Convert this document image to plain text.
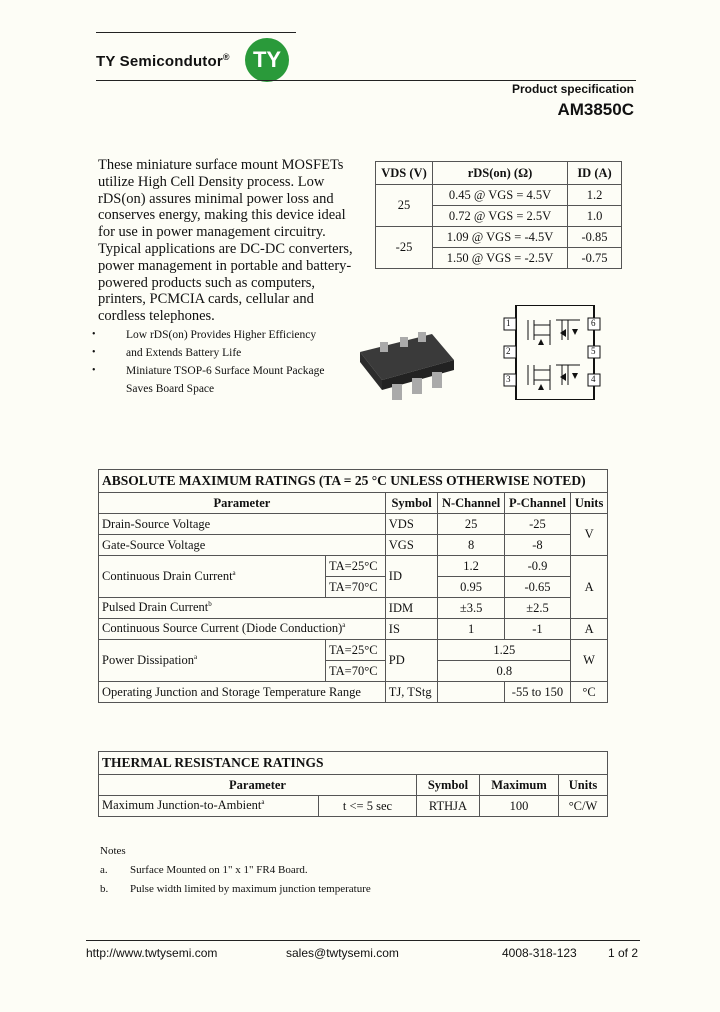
TY Semicondutor®	TY
Product specification
AM3850C
These miniature surface mount MOSFETs utilize High Cell Density process. Low rDS(on) assures minimal power loss and conserves energy, making this device ideal for use in power management circuitry. Typical applications are DC-DC converters, power management in portable and battery-powered products such as computers, printers, PCMCIA cards, cellular and cordless telephones.
• Low rDS(on) Provides Higher Efficiency
• and Extends Battery Life
• Miniature TSOP-6 Surface Mount Package Saves Board Space
VDS (V)	rDS(on) (Ω)	ID (A)
25	0.45 @ VGS = 4.5V	1.2
	0.72 @ VGS = 2.5V	1.0
-25	1.09 @ VGS = -4.5V	-0.85
	1.50 @ VGS = -2.5V	-0.75
1
2
3	4
5
6
ABSOLUTE MAXIMUM RATINGS (TA = 25 °C UNLESS OTHERWISE NOTED)					
Parameter		Symbol	N-Channel	P-Channel	Units
Drain-Source Voltage		VDS	25	-25	V
Gate-Source Voltage		VGS	8	-8	
Continuous Drain Current$^a$	TA=25°C	ID	1.2	-0.9	A
	TA=70°C		0.95	-0.65	
Pulsed Drain Current$^b$		IDM	±3.5	±2.5	
Continuous Source Current (Diode Conduction)$^a$		IS	1	-1	A
Power Dissipation$^a$	TA=25°C	PD	1.25		W
	TA=70°C		0.8		
Operating Junction and Storage Temperature Range		TJ, TStg		-55 to 150	°C
THERMAL RESISTANCE RATINGS				
Parameter		Symbol	Maximum	Units
Maximum Junction-to-Ambient$^a$	t <= 5 sec	RTHJA	100	°C/W
Notes
a. Surface Mounted on 1" x 1" FR4 Board.
b. Pulse width limited by maximum junction temperature
http://www.twtysemi.com	sales@twtysemi.com	4008-318-123	1 of 2
